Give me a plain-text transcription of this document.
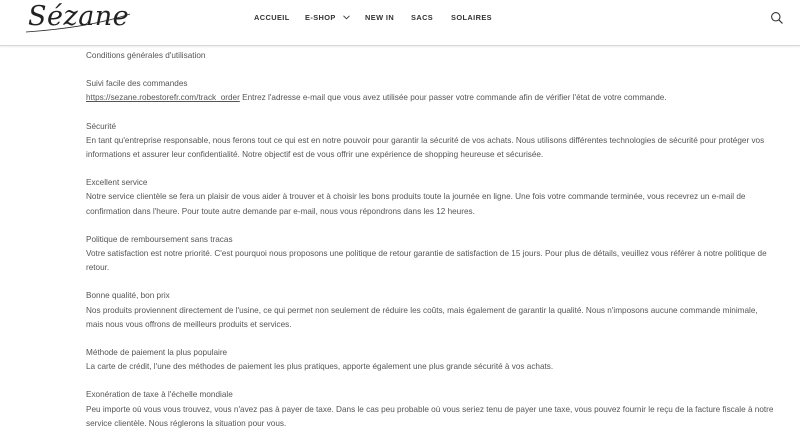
Sézane	ACCUEIL E-SHOP	NEW IN SACS SOLAIRES

Conditions générales d'utilisation

Suivi facile des commandes

https://sezane.robestorefr.com/track_order Entrez l'adresse e-mail que vous avez utilisée pour passer votre commande afin de vérifier l'état de votre commande.

Sécurité

En tant qu'entreprise responsable, nous ferons tout ce qui est en notre pouvoir pour garantir la sécurité de vos achats. Nous utilisons différentes technologies de sécurité pour protéger vos informations et assurer leur confidentialité. Notre objectif est de vous offrir une expérience de shopping heureuse et sécurisée.

Excellent service

Notre service clientèle se fera un plaisir de vous aider à trouver et à choisir les bons produits toute la journée en ligne. Une fois votre commande terminée, vous recevrez un e-mail de confirmation dans l'heure. Pour toute autre demande par e-mail, nous vous répondrons dans les 12 heures.

Politique de remboursement sans tracas

Votre satisfaction est notre priorité. C'est pourquoi nous proposons une politique de retour garantie de satisfaction de 15 jours. Pour plus de détails, veuillez vous référer à notre politique de retour.

Bonne qualité, bon prix

Nos produits proviennent directement de l'usine, ce qui permet non seulement de réduire les coûts, mais également de garantir la qualité. Nous n'imposons aucune commande minimale, mais nous vous offrons de meilleurs produits et services.

Méthode de paiement la plus populaire

La carte de crédit, l'une des méthodes de paiement les plus pratiques, apporte également une plus grande sécurité à vos achats.

Exonération de taxe à l'échelle mondiale

Peu importe où vous vous trouvez, vous n'avez pas à payer de taxe. Dans le cas peu probable où vous seriez tenu de payer une taxe, vous pouvez fournir le reçu de la facture fiscale à notre service clientèle. Nous réglerons la situation pour vous.
